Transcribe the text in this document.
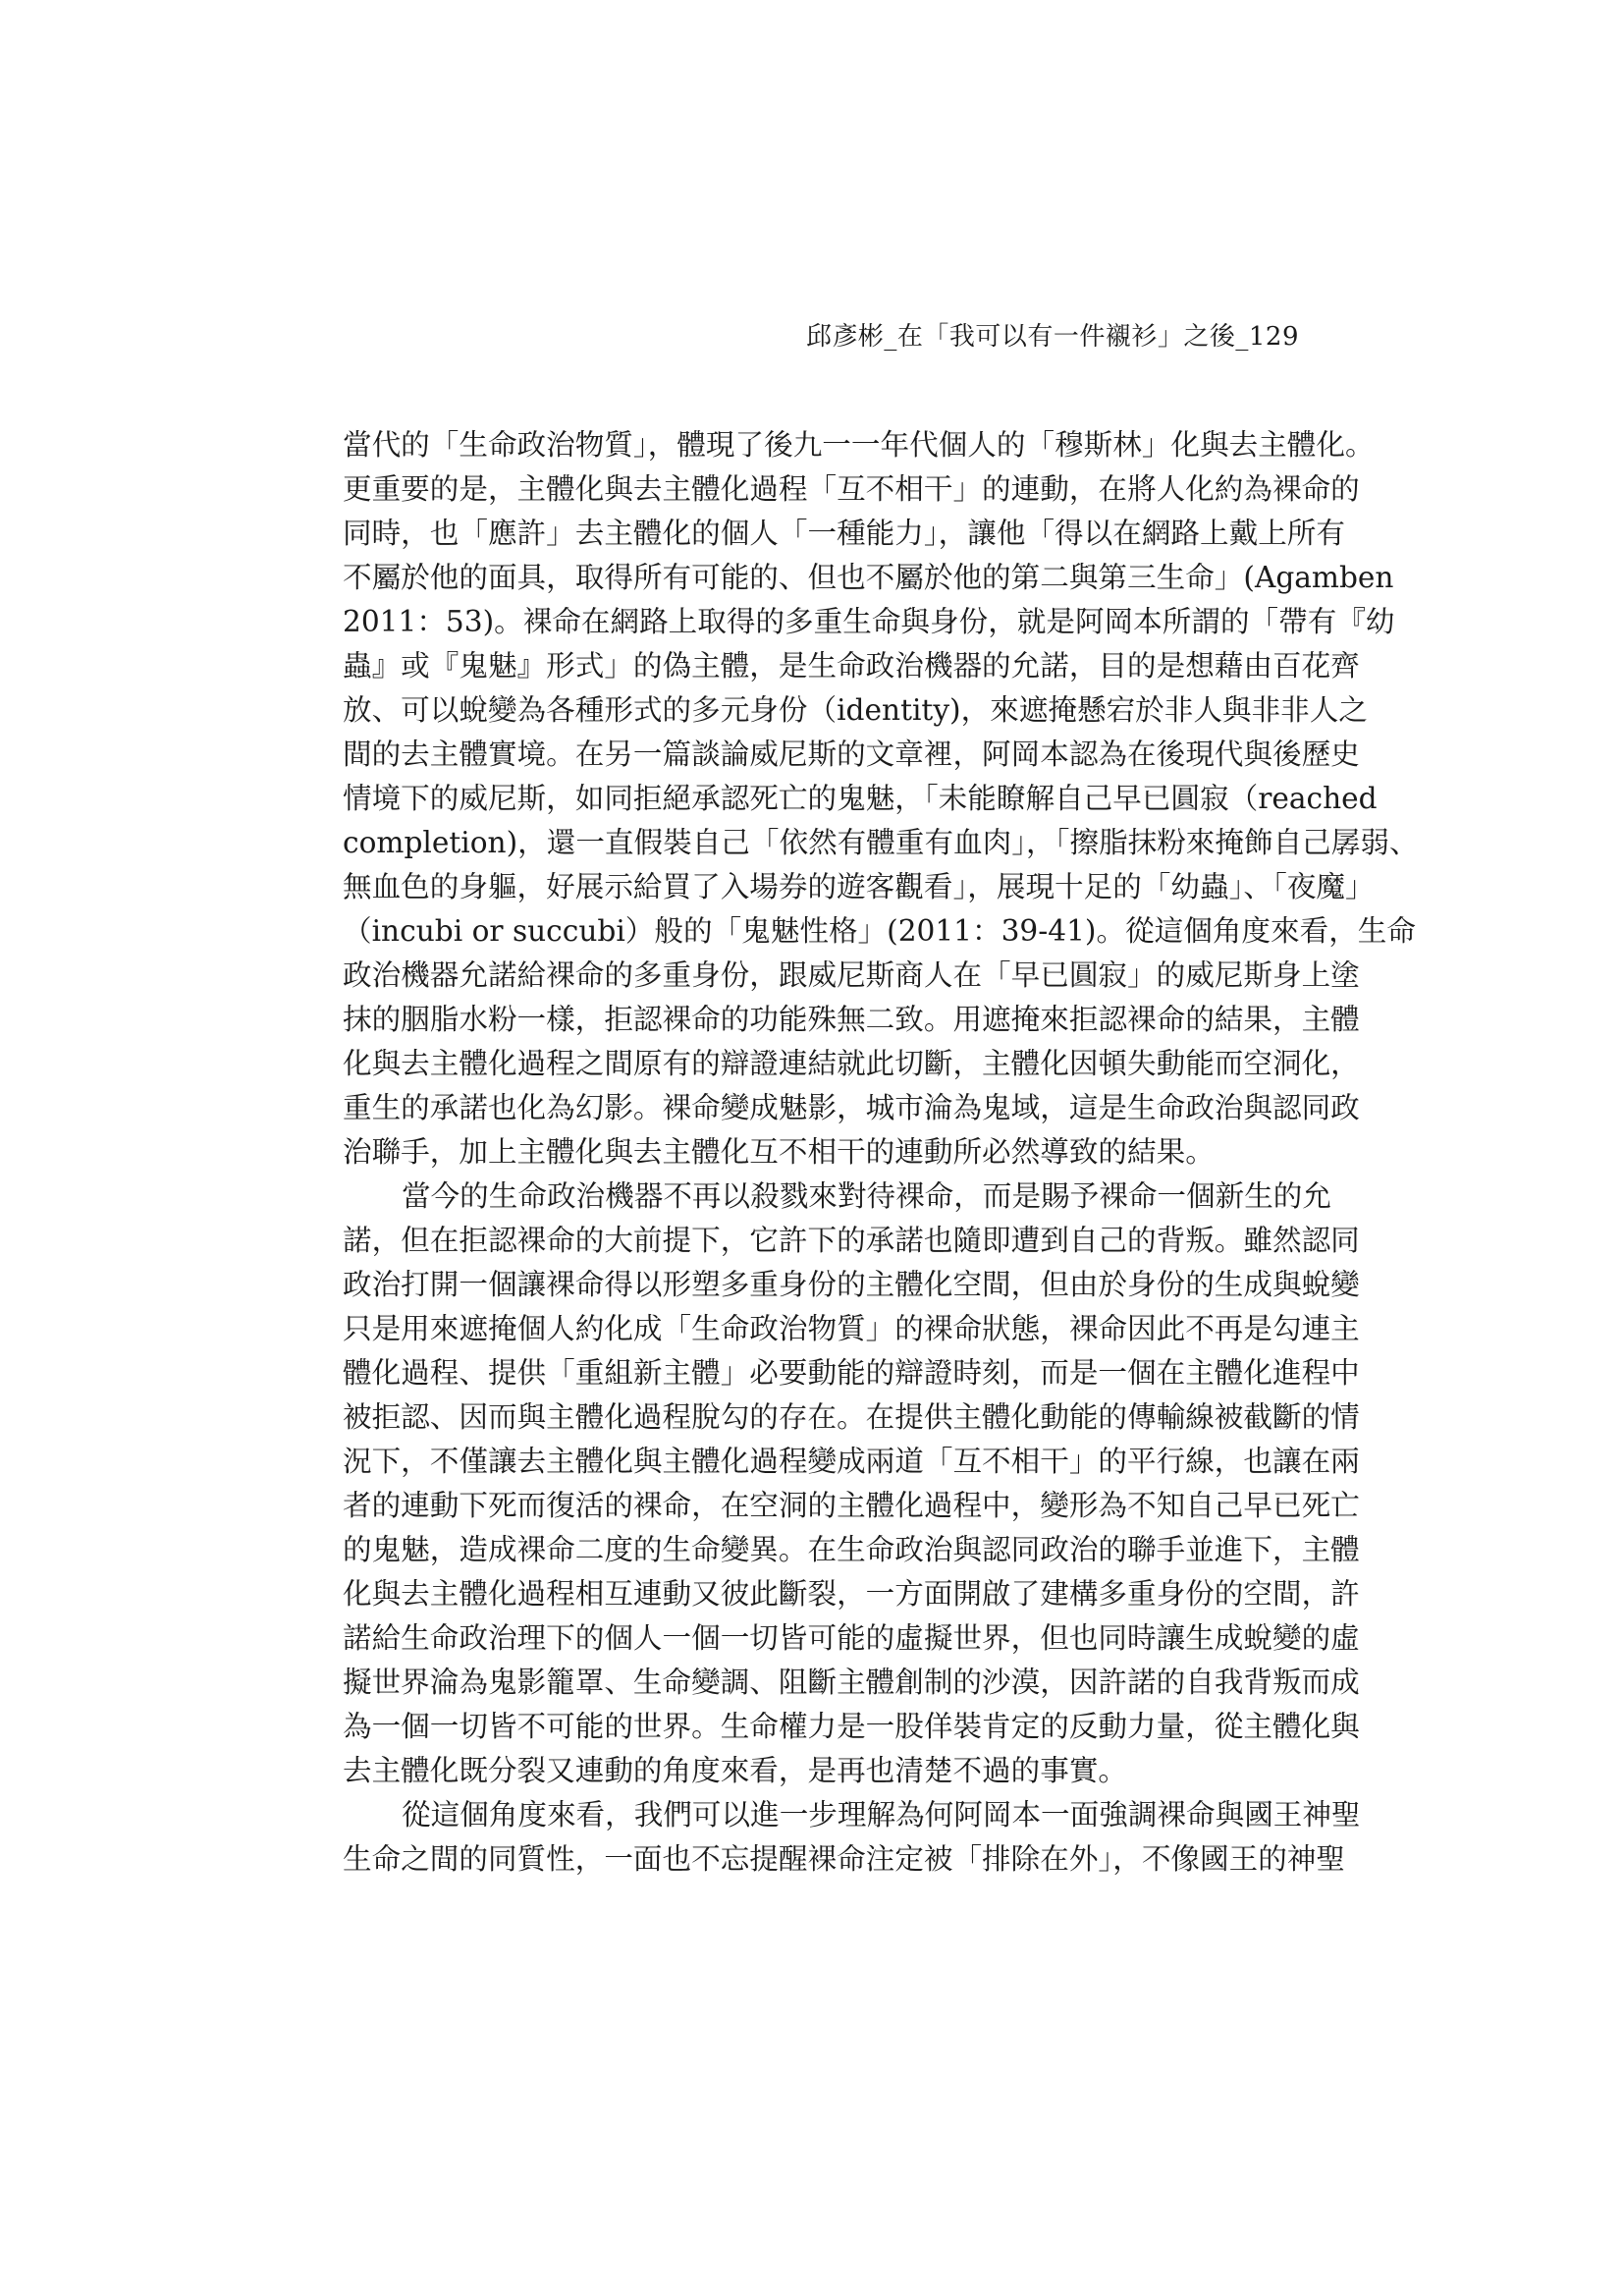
邱彥彬_在「我可以有一件襯衫」之後_129
當代的「生命政治物質」，體現了後九一一年代個人的「穆斯林」化與去主體化。
更重要的是，主體化與去主體化過程「互不相干」的連動，在將人化約為裸命的
同時，也「應許」去主體化的個人「一種能力」，讓他「得以在網路上戴上所有
不屬於他的面具，取得所有可能的、但也不屬於他的第二與第三生命」(Agamben
2011：53)。裸命在網路上取得的多重生命與身份，就是阿岡本所謂的「帶有『幼
蟲』或『鬼魅』形式」的偽主體，是生命政治機器的允諾，目的是想藉由百花齊
放、可以蛻變為各種形式的多元身份（identity)，來遮掩懸宕於非人與非非人之
間的去主體實境。在另一篇談論威尼斯的文章裡，阿岡本認為在後現代與後歷史
情境下的威尼斯，如同拒絕承認死亡的鬼魅，「未能瞭解自己早已圓寂（reached
completion)，還一直假裝自己「依然有體重有血肉」，「擦脂抹粉來掩飾自己孱弱、
無血色的身軀，好展示給買了入場券的遊客觀看」，展現十足的「幼蟲」、「夜魔」
（incubi or succubi）般的「鬼魅性格」(2011：39-41)。從這個角度來看，生命
政治機器允諾給裸命的多重身份，跟威尼斯商人在「早已圓寂」的威尼斯身上塗
抹的胭脂水粉一樣，拒認裸命的功能殊無二致。用遮掩來拒認裸命的結果，主體
化與去主體化過程之間原有的辯證連結就此切斷，主體化因頓失動能而空洞化，
重生的承諾也化為幻影。裸命變成魅影，城市淪為鬼域，這是生命政治與認同政
治聯手，加上主體化與去主體化互不相干的連動所必然導致的結果。
當今的生命政治機器不再以殺戮來對待裸命，而是賜予裸命一個新生的允
諾，但在拒認裸命的大前提下，它許下的承諾也隨即遭到自己的背叛。雖然認同
政治打開一個讓裸命得以形塑多重身份的主體化空間，但由於身份的生成與蛻變
只是用來遮掩個人約化成「生命政治物質」的裸命狀態，裸命因此不再是勾連主
體化過程、提供「重組新主體」必要動能的辯證時刻，而是一個在主體化進程中
被拒認、因而與主體化過程脫勾的存在。在提供主體化動能的傳輸線被截斷的情
況下，不僅讓去主體化與主體化過程變成兩道「互不相干」的平行線，也讓在兩
者的連動下死而復活的裸命，在空洞的主體化過程中，變形為不知自己早已死亡
的鬼魅，造成裸命二度的生命變異。在生命政治與認同政治的聯手並進下，主體
化與去主體化過程相互連動又彼此斷裂，一方面開啟了建構多重身份的空間，許
諾給生命政治理下的個人一個一切皆可能的虛擬世界，但也同時讓生成蛻變的虛
擬世界淪為鬼影籠罩、生命變調、阻斷主體創制的沙漠，因許諾的自我背叛而成
為一個一切皆不可能的世界。生命權力是一股佯裝肯定的反動力量，從主體化與
去主體化既分裂又連動的角度來看，是再也清楚不過的事實。
從這個角度來看，我們可以進一步理解為何阿岡本一面強調裸命與國王神聖
生命之間的同質性，一面也不忘提醒裸命注定被「排除在外」，不像國王的神聖
